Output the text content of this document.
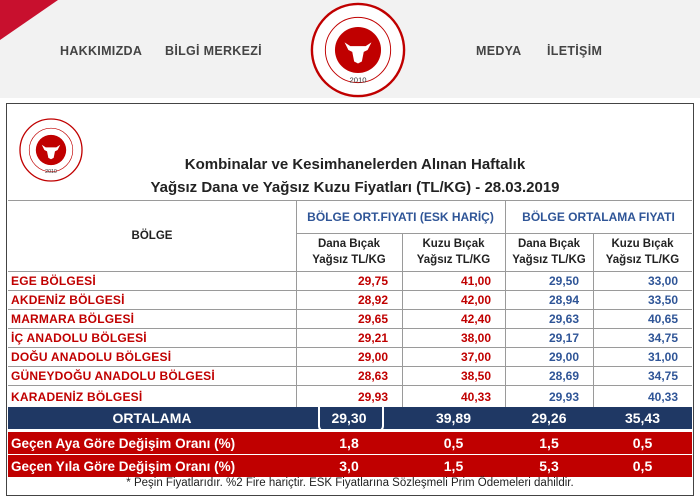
HAKKIMIZDA BİLGİ MERKEZİ	MEDYA İLETİŞİM
2010
2010	Kombinalar ve Kesimhanelerden Alınan Haftalık
Yağsız Dana ve Yağsız Kuzu Fiyatları (TL/KG) - 28.03.2019
BÖLGE
BÖLGE ORT.FIYATI (ESK HARİÇ)	BÖLGE ORTALAMA FIYATI
Dana Bıçak
Yağsız TL/KG
Kuzu Bıçak
Yağsız TL/KG
Dana Bıçak
Yağsız TL/KG
Kuzu Bıçak
Yağsız TL/KG
EGE BÖLGESİ	29,75	41,00	29,50	33,00
AKDENİZ BÖLGESİ	28,92	42,00	28,94	33,50
MARMARA BÖLGESİ	29,65	42,40	29,63	40,65
İÇ ANADOLU BÖLGESİ	29,21	38,00	29,17	34,75
DOĞU ANADOLU BÖLGESİ	29,00	37,00	29,00	31,00
GÜNEYDOĞU ANADOLU BÖLGESİ	28,63	38,50	28,69	34,75
KARADENİZ BÖLGESİ	29,93	40,33	29,93	40,33
ORTALAMA	29,30	39,89	29,26	35,43
Geçen Aya Göre Değişim Oranı (%)	1,8	0,5	1,5	0,5
Geçen Yıla Göre Değişim Oranı (%)	3,0	1,5	5,3	0,5
* Peşin Fiyatlarıdır. %2 Fire hariçtir. ESK Fiyatlarına Sözleşmeli Prim Ödemeleri dahildir.
